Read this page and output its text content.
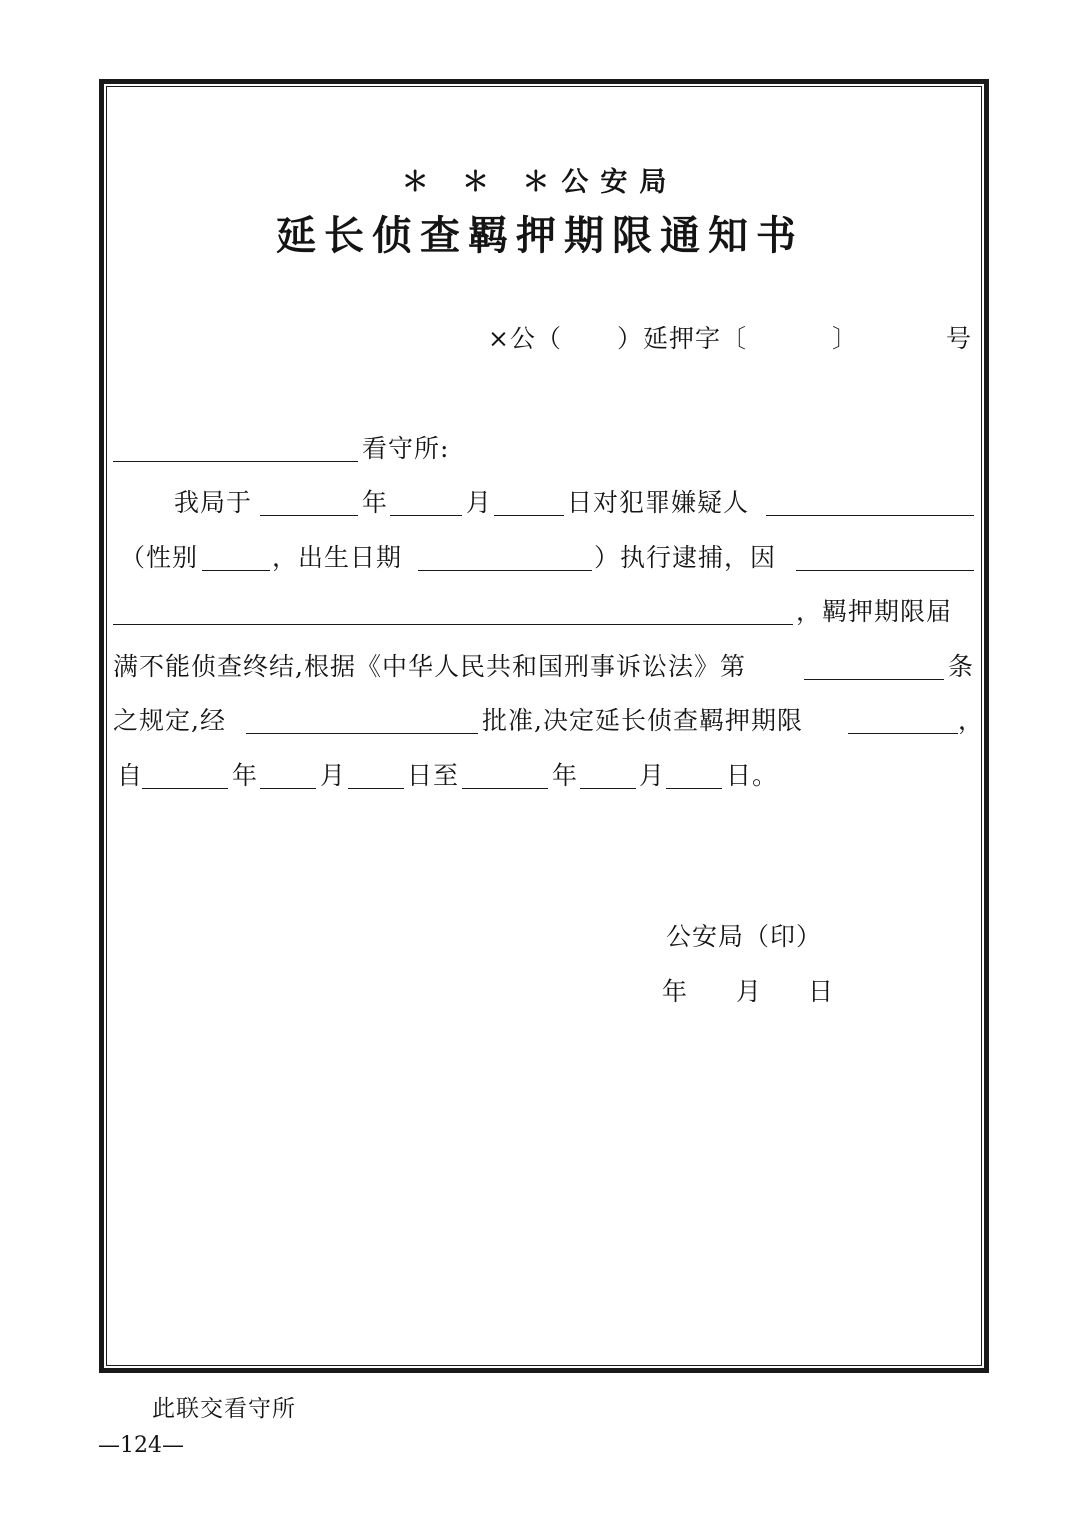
＊ ＊ ＊公安局
延长侦查羁押期限通知书
×公（ ）延押字〔	〕	号
看守所:
我局于	年	月	日对犯罪嫌疑人
（性别	，出生日期	）执行逮捕，因
，羁押期限届
满不能侦查终结,根据《中华人民共和国刑事诉讼法》第	条
之规定,经	批准,决定延长侦查羁押期限	，
自	年 月 日至	年 月 日。
公安局（印）
年 月 日
此联交看守所
—124—
